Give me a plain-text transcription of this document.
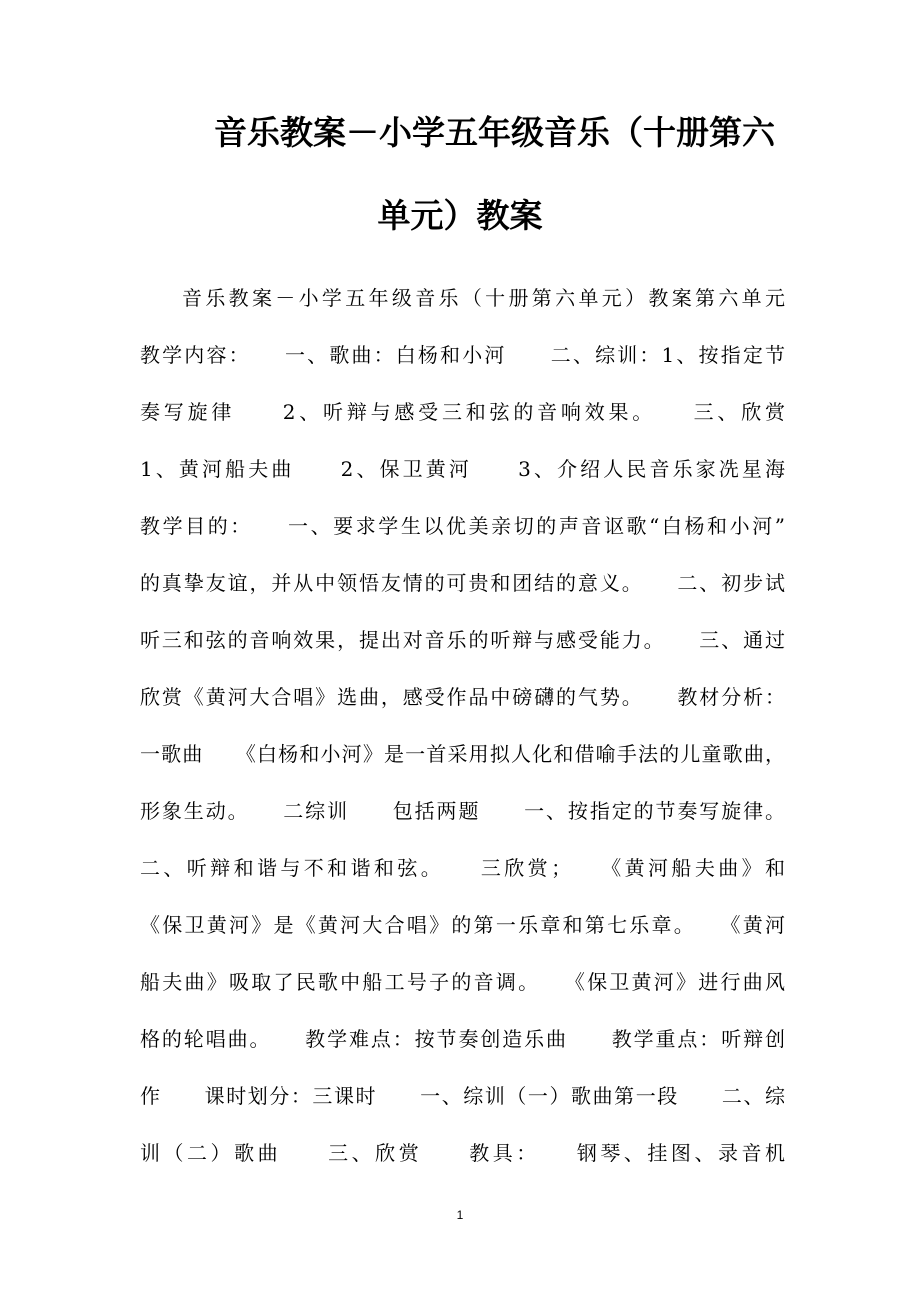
音乐教案－小学五年级音乐（十册第六
单元）教案
音乐教案－小学五年级音乐（十册第六单元）教案第六单元
教学内容：　　一、歌曲：白杨和小河　　二、综训：1、按指定节
奏写旋律　　2、听辩与感受三和弦的音响效果。　　三、欣赏
1、黄河船夫曲　　2、保卫黄河　　3、介绍人民音乐家冼星海
教学目的：　　一、要求学生以优美亲切的声音讴歌“白杨和小河”
的真挚友谊，并从中领悟友情的可贵和团结的意义。　　二、初步试
听三和弦的音响效果，提出对音乐的听辩与感受能力。　　三、通过
欣赏《黄河大合唱》选曲，感受作品中磅礴的气势。　　教材分析：
一歌曲　　《白杨和小河》是一首采用拟人化和借喻手法的儿童歌曲，
形象生动。　　二综训　　包括两题　　一、按指定的节奏写旋律。
二、听辩和谐与不和谐和弦。　　三欣赏；　　《黄河船夫曲》和
《保卫黄河》是《黄河大合唱》的第一乐章和第七乐章。　　《黄河
船夫曲》吸取了民歌中船工号子的音调。　　《保卫黄河》进行曲风
格的轮唱曲。　　教学难点：按节奏创造乐曲　　教学重点：听辩创
作　　课时划分：三课时　　一、综训（一）歌曲第一段　　二、综
训（二）歌曲　　三、欣赏　　教具：　　钢琴、挂图、录音机
1
